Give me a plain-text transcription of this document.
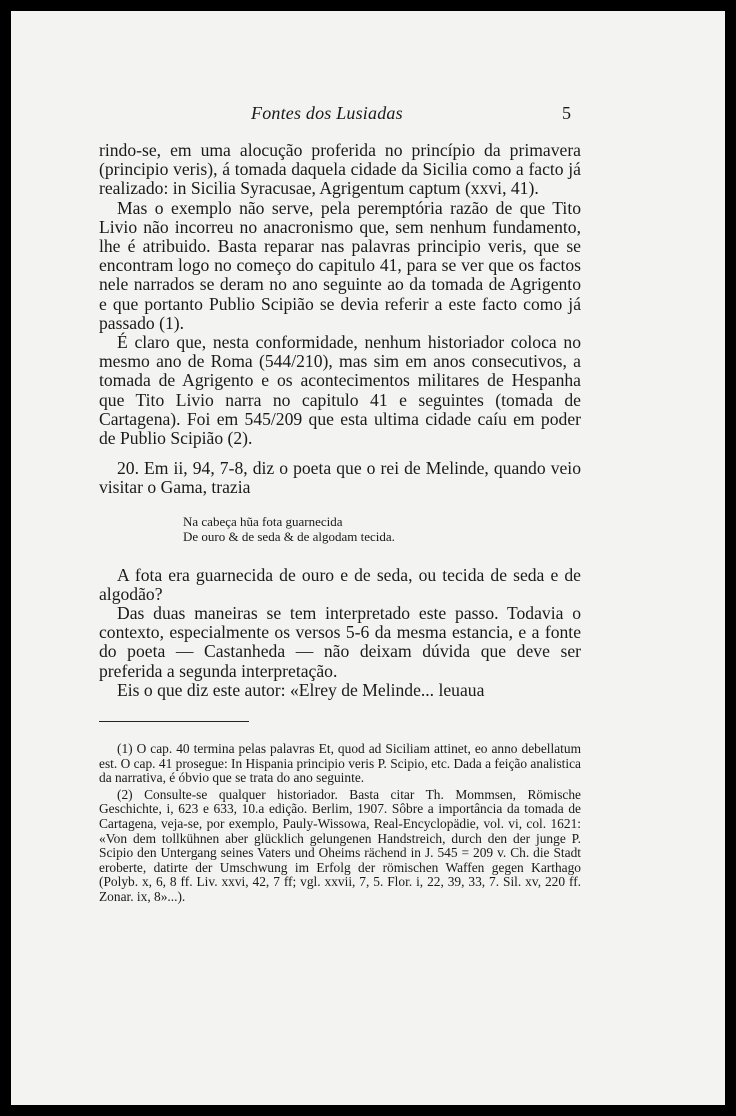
Fontes dos Lusiadas	5

rindo-se, em uma alocução proferida no princípio da primavera (principio veris), á tomada daquela cidade da Sicilia como a facto já realizado: in Sicilia Syracusae, Agrigentum captum (xxvi, 41).

Mas o exemplo não serve, pela peremptória razão de que Tito Livio não incorreu no anacronismo que, sem nenhum fundamento, lhe é atribuido. Basta reparar nas palavras principio veris, que se encontram logo no começo do capitulo 41, para se ver que os factos nele narrados se deram no ano seguinte ao da tomada de Agrigento e que portanto Publio Scipião se devia referir a este facto como já passado (1).

É claro que, nesta conformidade, nenhum historiador coloca no mesmo ano de Roma (544/210), mas sim em anos consecutivos, a tomada de Agrigento e os acontecimentos militares de Hespanha que Tito Livio narra no capitulo 41 e seguintes (tomada de Cartagena). Foi em 545/209 que esta ultima cidade caíu em poder de Publio Scipião (2).

20. Em ii, 94, 7-8, diz o poeta que o rei de Melinde, quando veio visitar o Gama, trazia

Na cabeça hũa fota guarnecida
De ouro & de seda & de algodam tecida.

A fota era guarnecida de ouro e de seda, ou tecida de seda e de algodão?

Das duas maneiras se tem interpretado este passo. Todavia o contexto, especialmente os versos 5-6 da mesma estancia, e a fonte do poeta — Castanheda — não deixam dúvida que deve ser preferida a segunda interpretação.

Eis o que diz este autor: «Elrey de Melinde... leuaua

(1) O cap. 40 termina pelas palavras Et, quod ad Siciliam attinet, eo anno debellatum est. O cap. 41 prosegue: In Hispania principio veris P. Scipio, etc. Dada a feição analistica da narrativa, é óbvio que se trata do ano seguinte.

(2) Consulte-se qualquer historiador. Basta citar Th. Mommsen, Römische Geschichte, i, 623 e 633, 10.a edição. Berlim, 1907. Sôbre a importância da tomada de Cartagena, veja-se, por exemplo, Pauly-Wissowa, Real-Encyclopädie, vol. vi, col. 1621: «Von dem tollkühnen aber glücklich gelungenen Handstreich, durch den der junge P. Scipio den Untergang seines Vaters und Oheims rächend in J. 545 = 209 v. Ch. die Stadt eroberte, datirte der Umschwung im Erfolg der römischen Waffen gegen Karthago (Polyb. x, 6, 8 ff. Liv. xxvi, 42, 7 ff; vgl. xxvii, 7, 5. Flor. i, 22, 39, 33, 7. Sil. xv, 220 ff. Zonar. ix, 8»...).
